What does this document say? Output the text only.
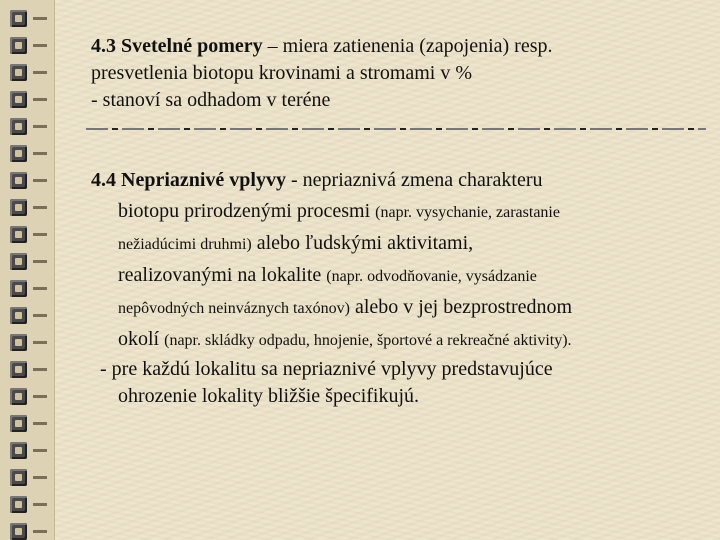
4.3 Svetelné pomery – miera zatienenia (zapojenia) resp.
presvetlenia biotopu krovinami a stromami v %
- stanoví sa odhadom v teréne
4.4 Nepriaznivé vplyvy - nepriaznivá zmena charakteru
biotopu prirodzenými procesmi (napr. vysychanie, zarastanie
nežiadúcimi druhmi) alebo ľudskými aktivitami,
realizovanými na lokalite (napr. odvodňovanie, vysádzanie
nepôvodných neinváznych taxónov) alebo v jej bezprostrednom
okolí (napr. skládky odpadu, hnojenie, športové a rekreačné aktivity).
- pre každú lokalitu sa nepriaznivé vplyvy predstavujúce
ohrozenie lokality bližšie špecifikujú.
